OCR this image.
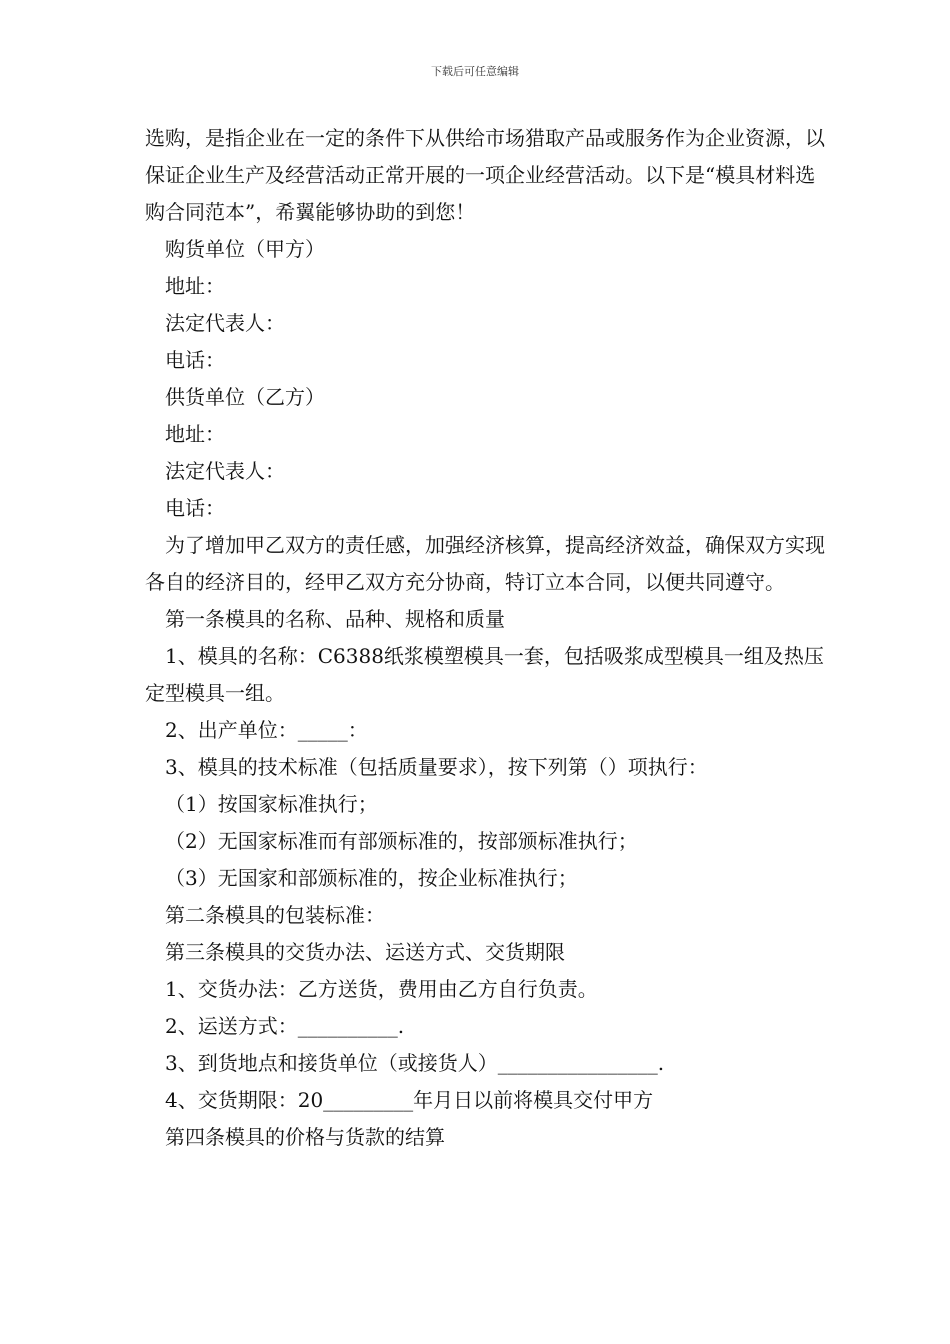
下载后可任意编辑

选购，是指企业在一定的条件下从供给市场猎取产品或服务作为企业资源，以保证企业生产及经营活动正常开展的一项企业经营活动。以下是“模具材料选购合同范本”，希翼能够协助的到您！

购货单位（甲方）

地址：

法定代表人：

电话：

供货单位（乙方）

地址：

法定代表人：

电话：

为了增加甲乙双方的责任感，加强经济核算，提高经济效益，确保双方实现各自的经济目的，经甲乙双方充分协商，特订立本合同，以便共同遵守。

第一条模具的名称、品种、规格和质量

1、模具的名称：C6388纸浆模塑模具一套，包括吸浆成型模具一组及热压定型模具一组。

2、出产单位：_____：

3、模具的技术标准（包括质量要求），按下列第（）项执行：

（1）按国家标准执行；

（2）无国家标准而有部颁标准的，按部颁标准执行；

（3）无国家和部颁标准的，按企业标准执行；

第二条模具的包装标准：

第三条模具的交货办法、运送方式、交货期限

1、交货办法：乙方送货，费用由乙方自行负责。

2、运送方式：__________.

3、到货地点和接货单位（或接货人）________________.

4、交货期限：20_________年月日以前将模具交付甲方

第四条模具的价格与货款的结算
